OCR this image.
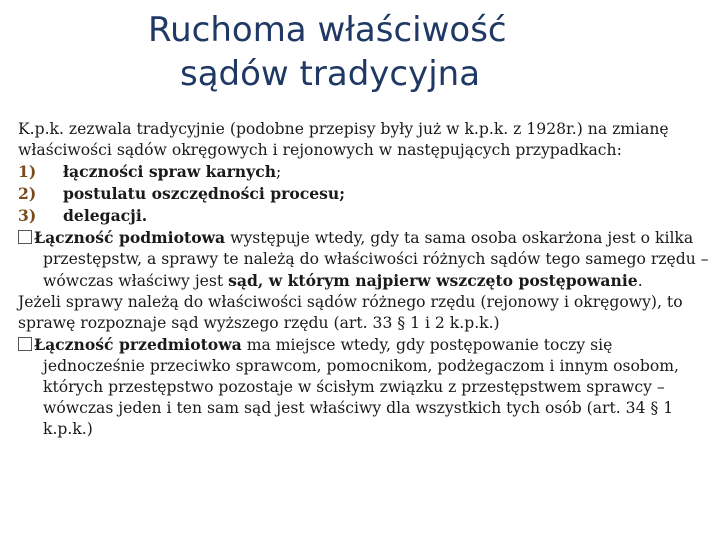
Ruchoma właściwość
sądów tradycyjna

K.p.k. zezwala tradycyjnie (podobne przepisy były już w k.p.k. z 1928r.) na zmianę właściwości sądów okręgowych i rejonowych w następujących przypadkach:

1) łączności spraw karnych;

2) postulatu oszczędności procesu;

3) delegacji.

Łączność podmiotowa występuje wtedy, gdy ta sama osoba oskarżona jest o kilka przestępstw, a sprawy te należą do właściwości różnych sądów tego samego rzędu – wówczas właściwy jest sąd, w którym najpierw wszczęto postępowanie.

Jeżeli sprawy należą do właściwości sądów różnego rzędu (rejonowy i okręgowy), to sprawę rozpoznaje sąd wyższego rzędu (art. 33 § 1 i 2 k.p.k.)

Łączność przedmiotowa ma miejsce wtedy, gdy postępowanie toczy się jednocześnie przeciwko sprawcom, pomocnikom, podżegaczom i innym osobom, których przestępstwo pozostaje w ścisłym związku z przestępstwem sprawcy – wówczas jeden i ten sam sąd jest właściwy dla wszystkich tych osób (art. 34 § 1 k.p.k.)
